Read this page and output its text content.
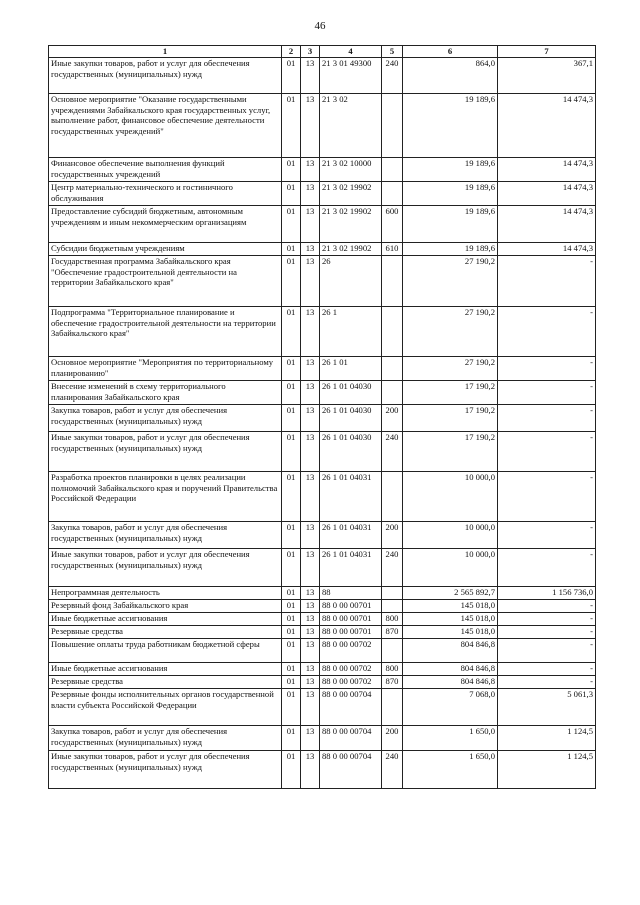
46
1	2	3	4	5	6	7
Иные закупки товаров, работ и услуг для обеспечения государственных (муниципальных) нужд	01	13	21 3 01 49300	240	864,0	367,1
Основное мероприятие "Оказание государственными учреждениями Забайкальского края государственных услуг, выполнение работ, финансовое обеспечение деятельности государственных учреждений"	01	13	21 3 02		19 189,6	14 474,3
Финансовое обеспечение выполнения функций государственных учреждений	01	13	21 3 02 10000		19 189,6	14 474,3
Центр материально-технического и гостиничного обслуживания	01	13	21 3 02 19902		19 189,6	14 474,3
Предоставление субсидий бюджетным, автономным учреждениям и иным некоммерческим организациям	01	13	21 3 02 19902	600	19 189,6	14 474,3
Субсидии бюджетным учреждениям	01	13	21 3 02 19902	610	19 189,6	14 474,3
Государственная программа Забайкальского края "Обеспечение градостроительной деятельности на территории Забайкальского края"	01	13	26		27 190,2	-
Подпрограмма "Территориальное планирование и обеспечение градостроительной деятельности на территории Забайкальского края"	01	13	26 1		27 190,2	-
Основное мероприятие "Мероприятия по территориальному планированию"	01	13	26 1 01		27 190,2	-
Внесение изменений в схему территориального планирования Забайкальского края	01	13	26 1 01 04030		17 190,2	-
Закупка товаров, работ и услуг для обеспечения государственных (муниципальных) нужд	01	13	26 1 01 04030	200	17 190,2	-
Иные закупки товаров, работ и услуг для обеспечения государственных (муниципальных) нужд	01	13	26 1 01 04030	240	17 190,2	-
Разработка проектов планировки в целях реализации полномочий Забайкальского края и поручений Правительства Российской Федерации	01	13	26 1 01 04031		10 000,0	-
Закупка товаров, работ и услуг для обеспечения государственных (муниципальных) нужд	01	13	26 1 01 04031	200	10 000,0	-
Иные закупки товаров, работ и услуг для обеспечения государственных (муниципальных) нужд	01	13	26 1 01 04031	240	10 000,0	-
Непрограммная деятельность	01	13	88		2 565 892,7	1 156 736,0
Резервный фонд Забайкальского края	01	13	88 0 00 00701		145 018,0	-
Иные бюджетные ассигнования	01	13	88 0 00 00701	800	145 018,0	-
Резервные средства	01	13	88 0 00 00701	870	145 018,0	-
Повышение оплаты труда работникам бюджетной сферы	01	13	88 0 00 00702		804 846,8	-
Иные бюджетные ассигнования	01	13	88 0 00 00702	800	804 846,8	-
Резервные средства	01	13	88 0 00 00702	870	804 846,8	-
Резервные фонды исполнительных органов государственной власти субъекта Российской Федерации	01	13	88 0 00 00704		7 068,0	5 061,3
Закупка товаров, работ и услуг для обеспечения государственных (муниципальных) нужд	01	13	88 0 00 00704	200	1 650,0	1 124,5
Иные закупки товаров, работ и услуг для обеспечения государственных (муниципальных) нужд	01	13	88 0 00 00704	240	1 650,0	1 124,5
